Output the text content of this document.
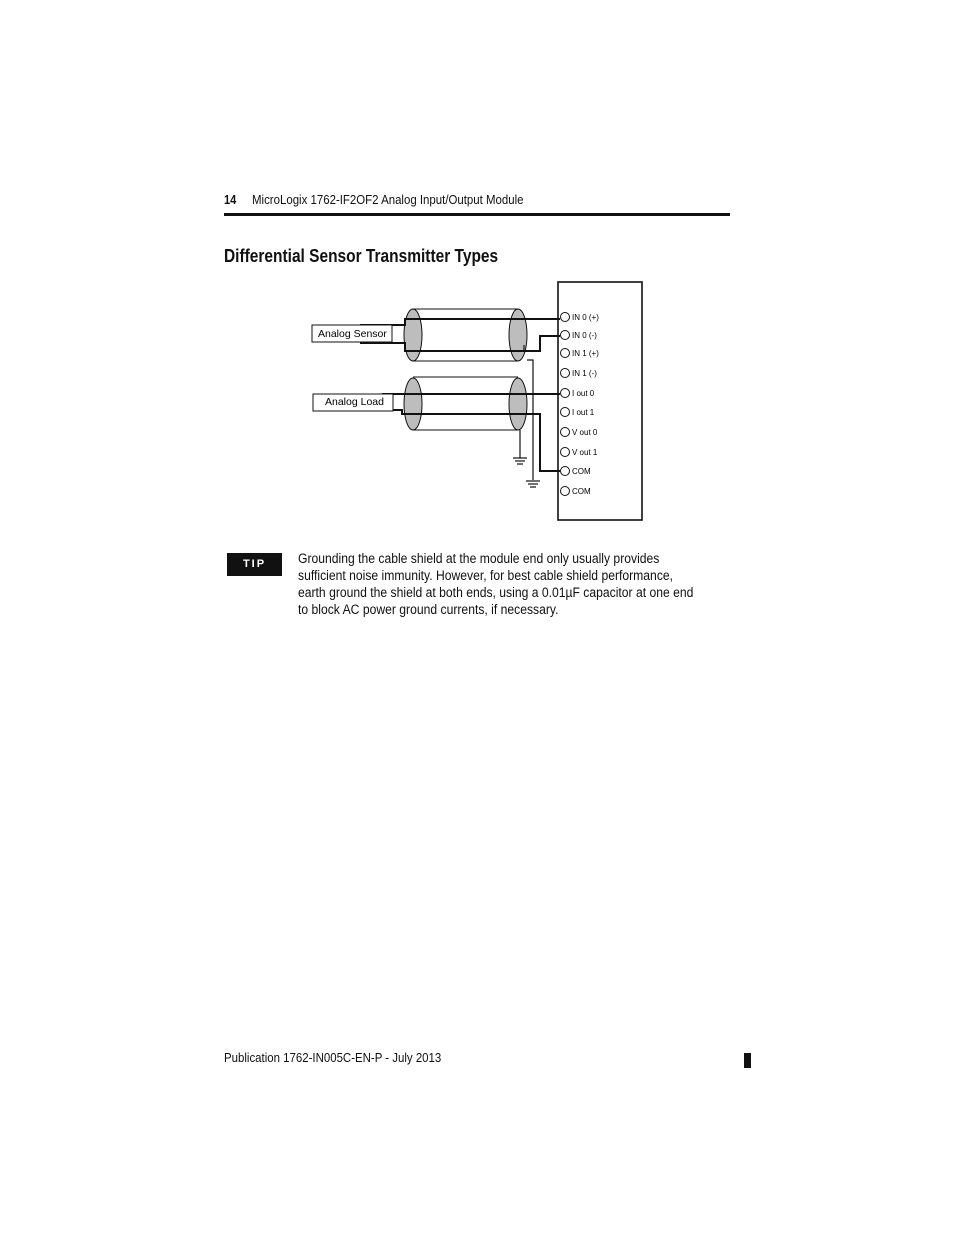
14 MicroLogix 1762-IF2OF2 Analog Input/Output Module
Differential Sensor Transmitter Types
Analog Sensor
Analog Load
IN 0 (+)
IN 0 (-)
IN 1 (+)
IN 1 (-)
I out 0
I out 1
V out 0
V out 1
COM
COM
TIP	Grounding the cable shield at the module end only usually provides sufficient noise immunity. However, for best cable shield performance, earth ground the shield at both ends, using a 0.01µF capacitor at one end to block AC power ground currents, if necessary.
Publication 1762-IN005C-EN-P - July 2013
